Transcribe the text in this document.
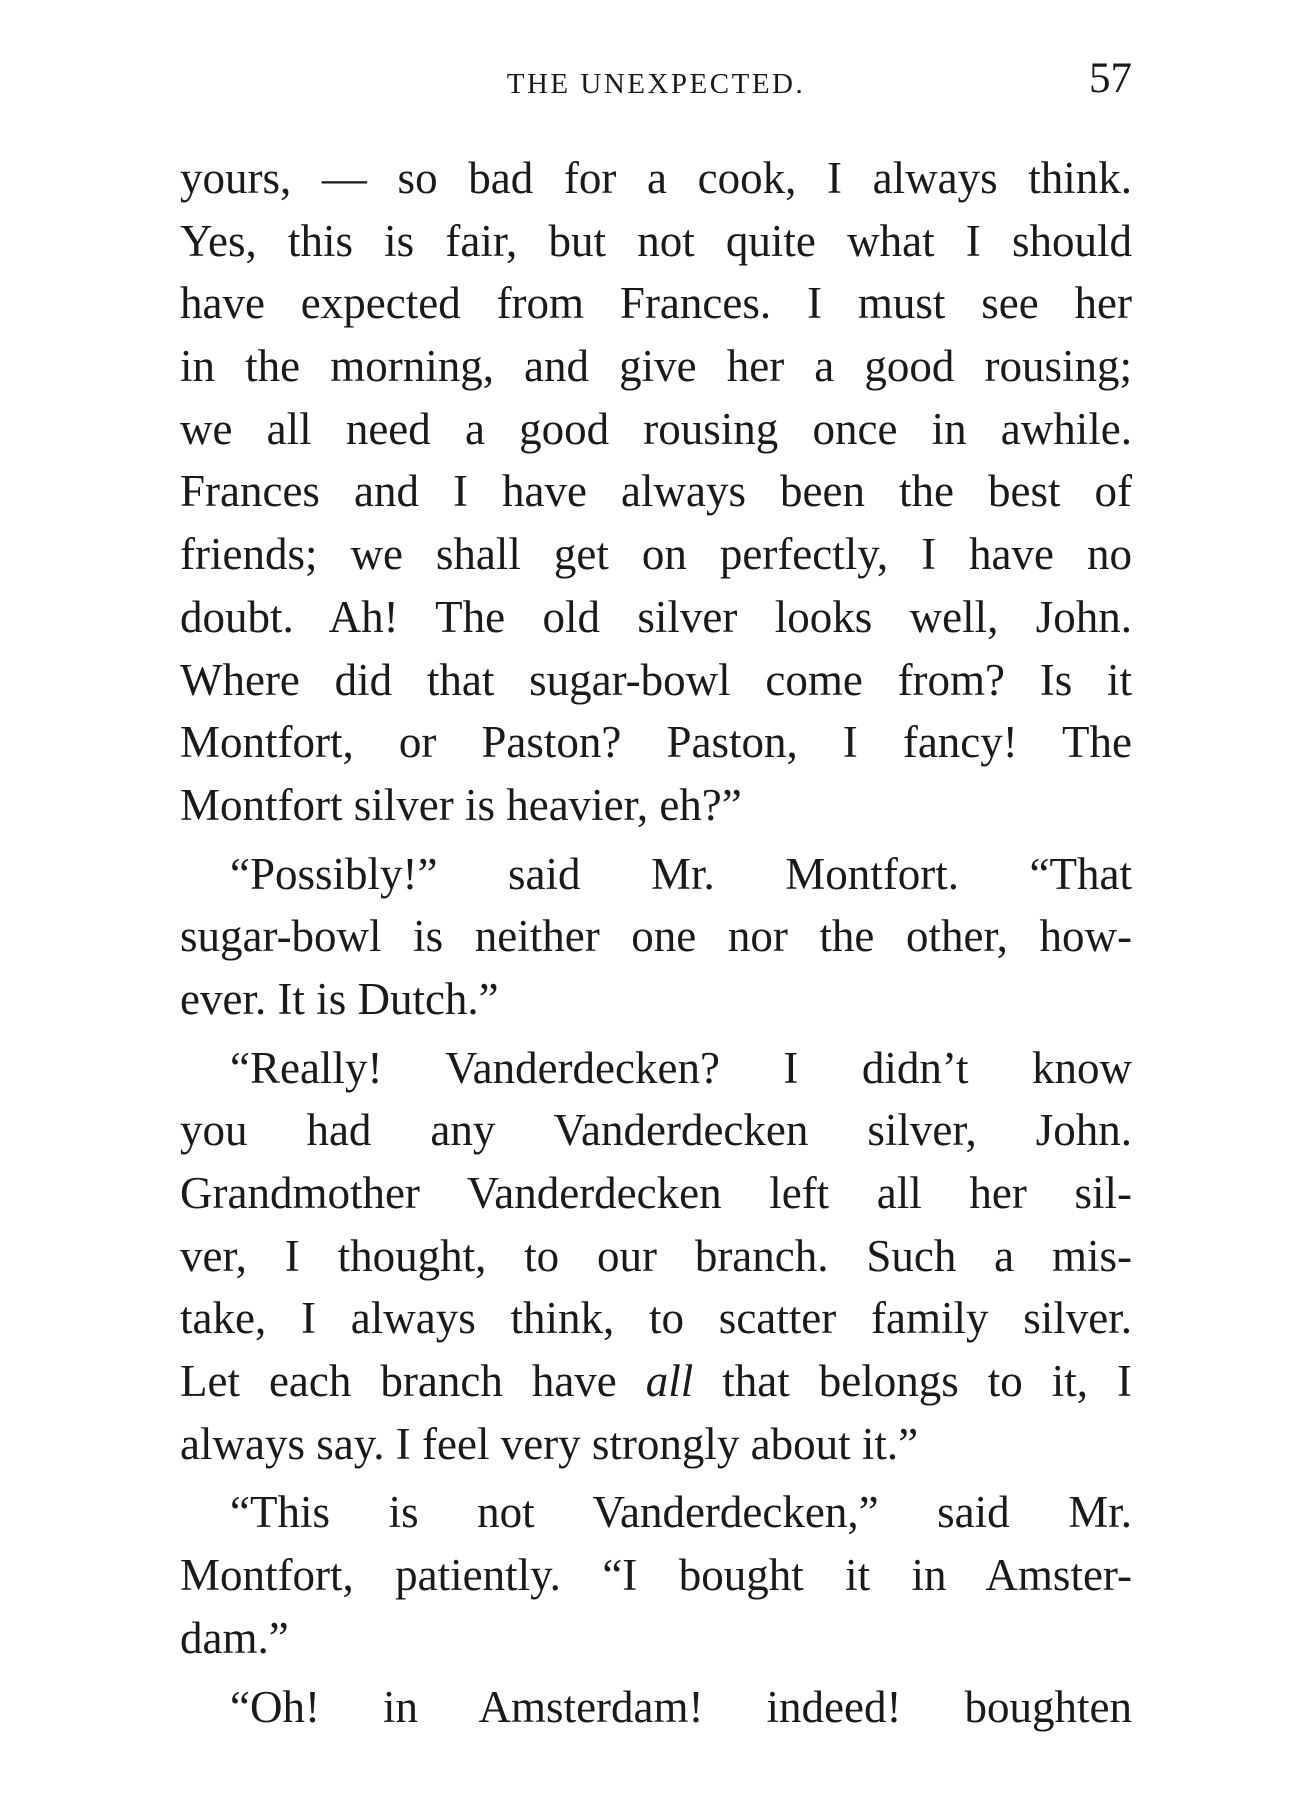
THE UNEXPECTED.	57
yours, — so bad for a cook, I always think.
Yes, this is fair, but not quite what I should
have expected from Frances. I must see her
in the morning, and give her a good rousing;
we all need a good rousing once in awhile.
Frances and I have always been the best of
friends; we shall get on perfectly, I have no
doubt. Ah! The old silver looks well, John.
Where did that sugar-bowl come from? Is it
Montfort, or Paston? Paston, I fancy! The
Montfort silver is heavier, eh?”
“Possibly!” said Mr. Montfort. “That
sugar-bowl is neither one nor the other, how-
ever. It is Dutch.”
“Really! Vanderdecken? I didn’t know
you had any Vanderdecken silver, John.
Grandmother Vanderdecken left all her sil-
ver, I thought, to our branch. Such a mis-
take, I always think, to scatter family silver.
Let each branch have all that belongs to it, I
always say. I feel very strongly about it.”
“This is not Vanderdecken,” said Mr.
Montfort, patiently. “I bought it in Amster-
dam.”
“Oh! in Amsterdam! indeed! boughten
